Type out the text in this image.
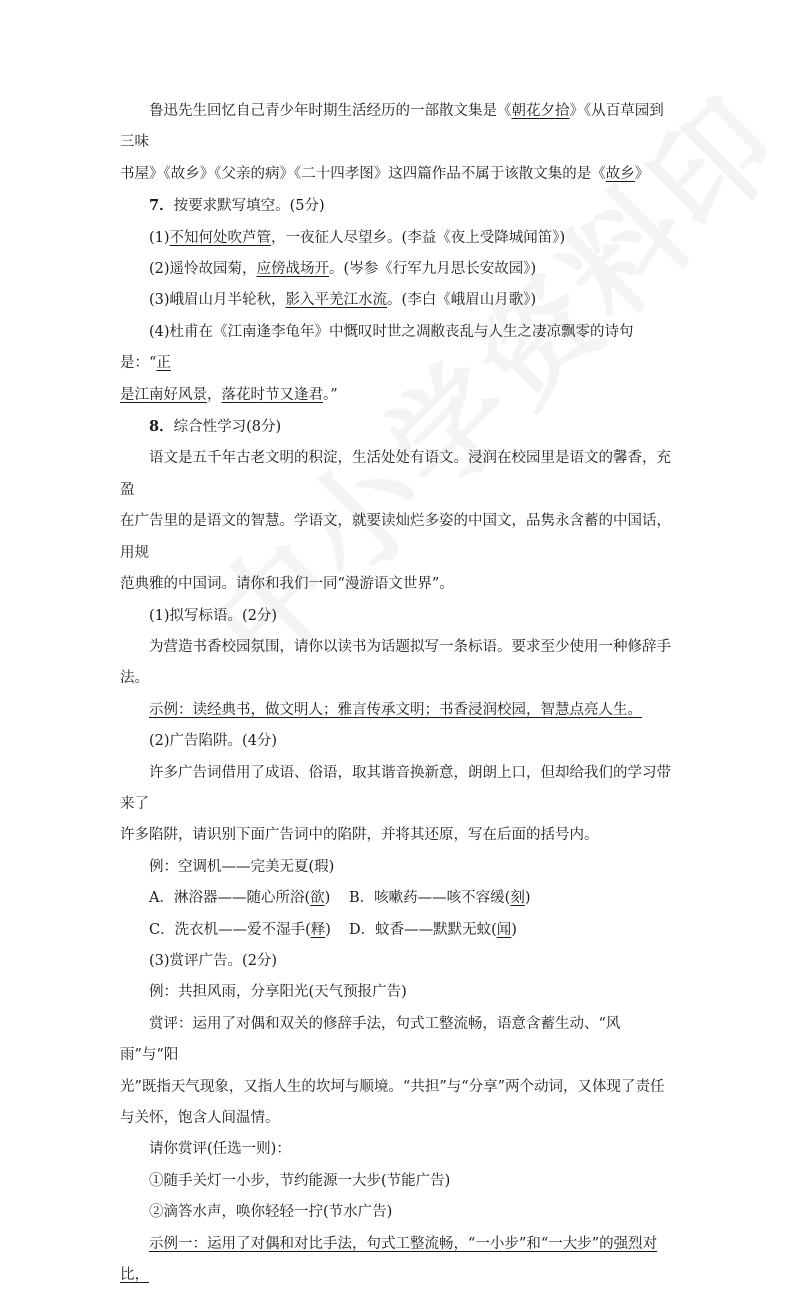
鲁迅先生回忆自己青少年时期生活经历的一部散文集是《朝花夕拾》《从百草园到三味

书屋》《故乡》《父亲的病》《二十四孝图》这四篇作品不属于该散文集的是《故乡》

7．按要求默写填空。(5分)

(1)不知何处吹芦管，一夜征人尽望乡。(李益《夜上受降城闻笛》)

(2)遥怜故园菊，应傍战场开。(岑参《行军九月思长安故园》)

(3)峨眉山月半轮秋，影入平羌江水流。(李白《峨眉山月歌》)

(4)杜甫在《江南逢李龟年》中慨叹时世之凋敝丧乱与人生之凄凉飘零的诗句是：“正

是江南好风景，落花时节又逢君。”

8．综合性学习(8分)

语文是五千年古老文明的积淀，生活处处有语文。浸润在校园里是语文的馨香，充盈

在广告里的是语文的智慧。学语文，就要读灿烂多姿的中国文，品隽永含蓄的中国话，用规

范典雅的中国词。请你和我们一同“漫游语文世界”。

(1)拟写标语。(2分)

为营造书香校园氛围，请你以读书为话题拟写一条标语。要求至少使用一种修辞手法。

示例：读经典书，做文明人；雅言传承文明；书香浸润校园，智慧点亮人生。

(2)广告陷阱。(4分)

许多广告词借用了成语、俗语，取其谐音换新意，朗朗上口，但却给我们的学习带来了

许多陷阱，请识别下面广告词中的陷阱，并将其还原，写在后面的括号内。

例：空调机——完美无夏(瑕)

A．淋浴器——随心所浴(欲)	B．咳嗽药——咳不容缓(刻)
C．洗衣机——爱不湿手(释)	D．蚊香——默默无蚊(闻)

(3)赏评广告。(2分)

例：共担风雨，分享阳光(天气预报广告)

赏评：运用了对偶和双关的修辞手法，句式工整流畅，语意含蓄生动、“风雨”与“阳

光”既指天气现象，又指人生的坎坷与顺境。“共担”与“分享”两个动词，又体现了责任

与关怀，饱含人间温情。

请你赏评(任选一则)：

①随手关灯一小步，节约能源一大步(节能广告)

②滴答水声，唤你轻轻一拧(节水广告)

示例一：运用了对偶和对比手法，句式工整流畅，“一小步”和“一大步”的强烈对比，
